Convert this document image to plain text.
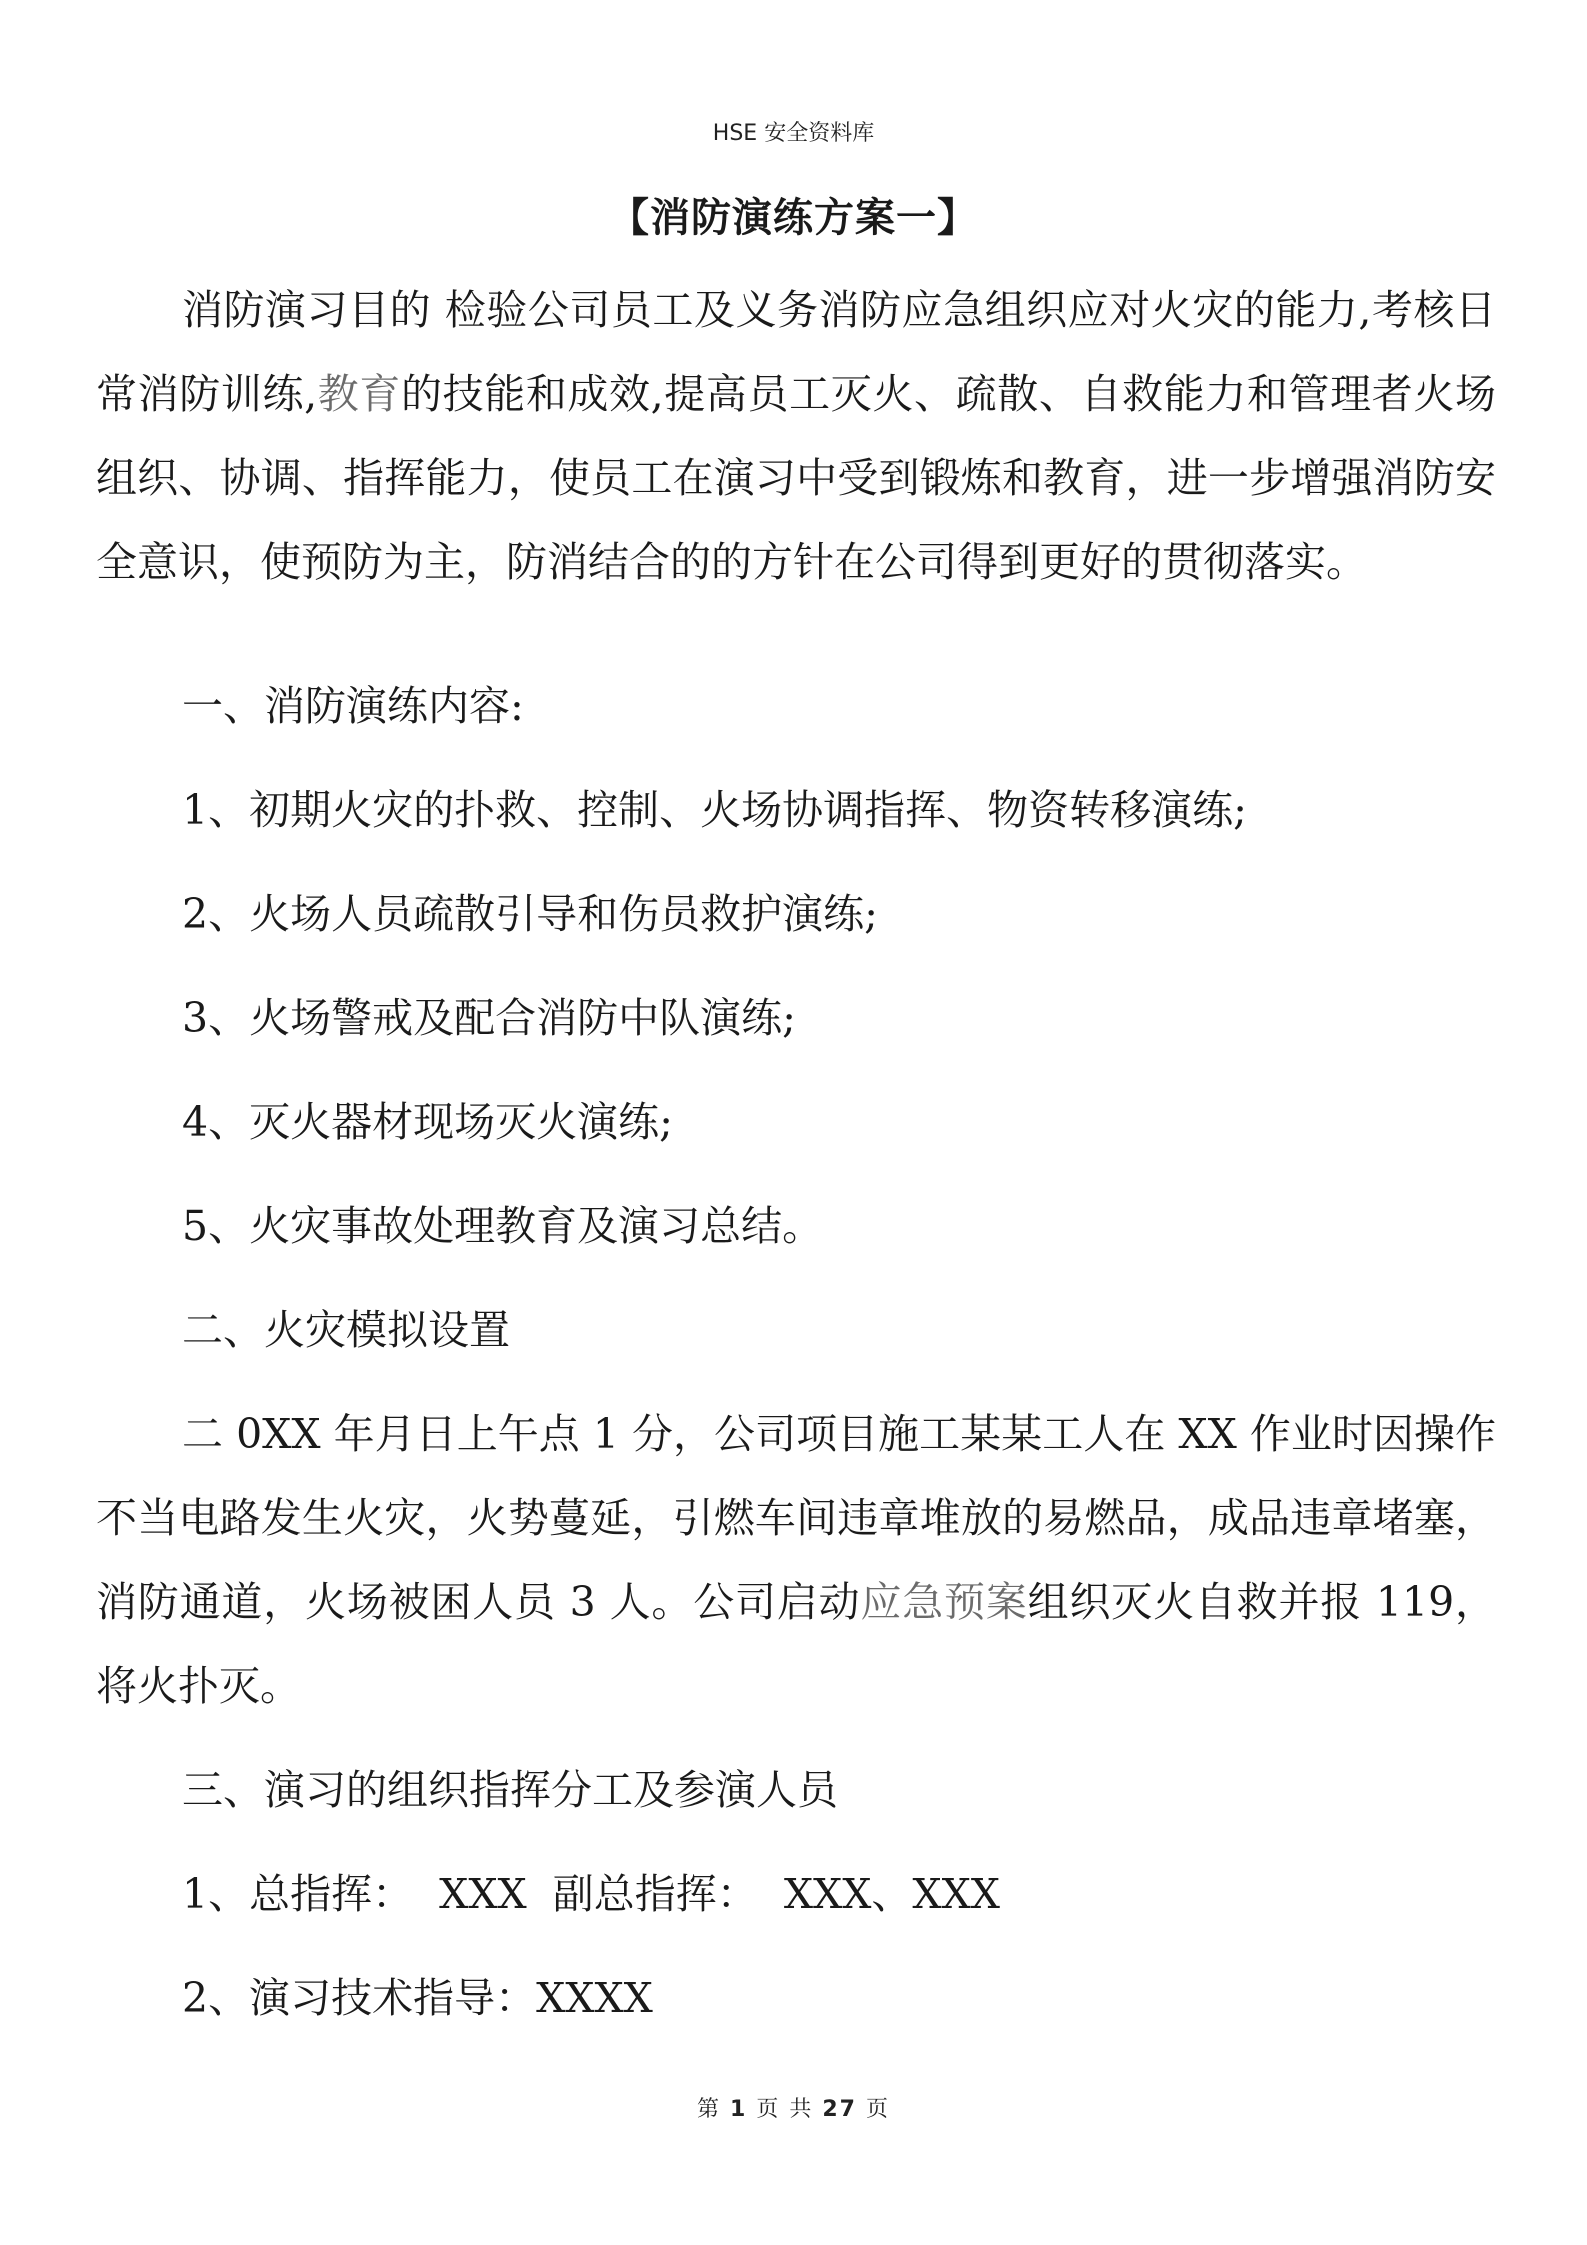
HSE 安全资料库
【消防演练方案一】

消防演习目的 检验公司员工及义务消防应急组织应对火灾的能力,考核日常消防训练,教育的技能和成效,提高员工灭火、疏散、自救能力和管理者火场组织、协调、指挥能力，使员工在演习中受到锻炼和教育，进一步增强消防安全意识，使预防为主，防消结合的的方针在公司得到更好的贯彻落实。

一、消防演练内容:

1、初期火灾的扑救、控制、火场协调指挥、物资转移演练;

2、火场人员疏散引导和伤员救护演练;

3、火场警戒及配合消防中队演练;

4、灭火器材现场灭火演练;

5、火灾事故处理教育及演习总结。

二、火灾模拟设置

二 0XX 年月日上午点 1 分，公司项目施工某某工人在 XX 作业时因操作不当电路发生火灾，火势蔓延，引燃车间违章堆放的易燃品，成品违章堵塞，消防通道，火场被困人员 3 人。公司启动应急预案组织灭火自救并报 119，将火扑灭。

三、演习的组织指挥分工及参演人员

1、总指挥：  XXX  副总指挥：  XXX、XXX

2、演习技术指导：XXXX

第 1 页 共 27 页
